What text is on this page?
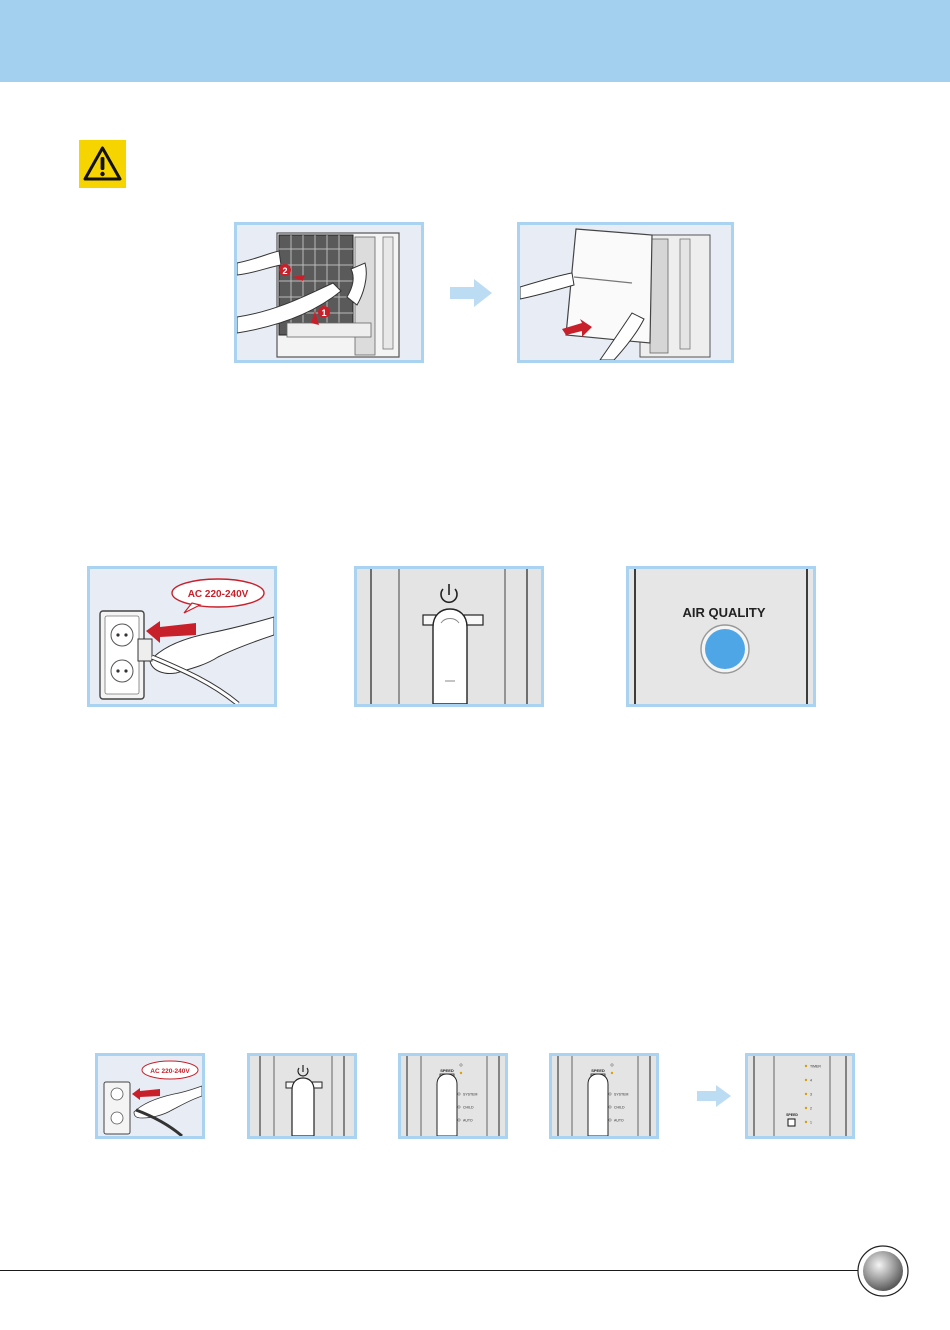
2
1
AC 220-240V
AIR QUALITY
AC 220-240V	SPEED
SYSTEM
CHILD
AUTO
SPEED
SYSTEM
CHILD
AUTO
TIMER
4
3
2
1
SPEED
